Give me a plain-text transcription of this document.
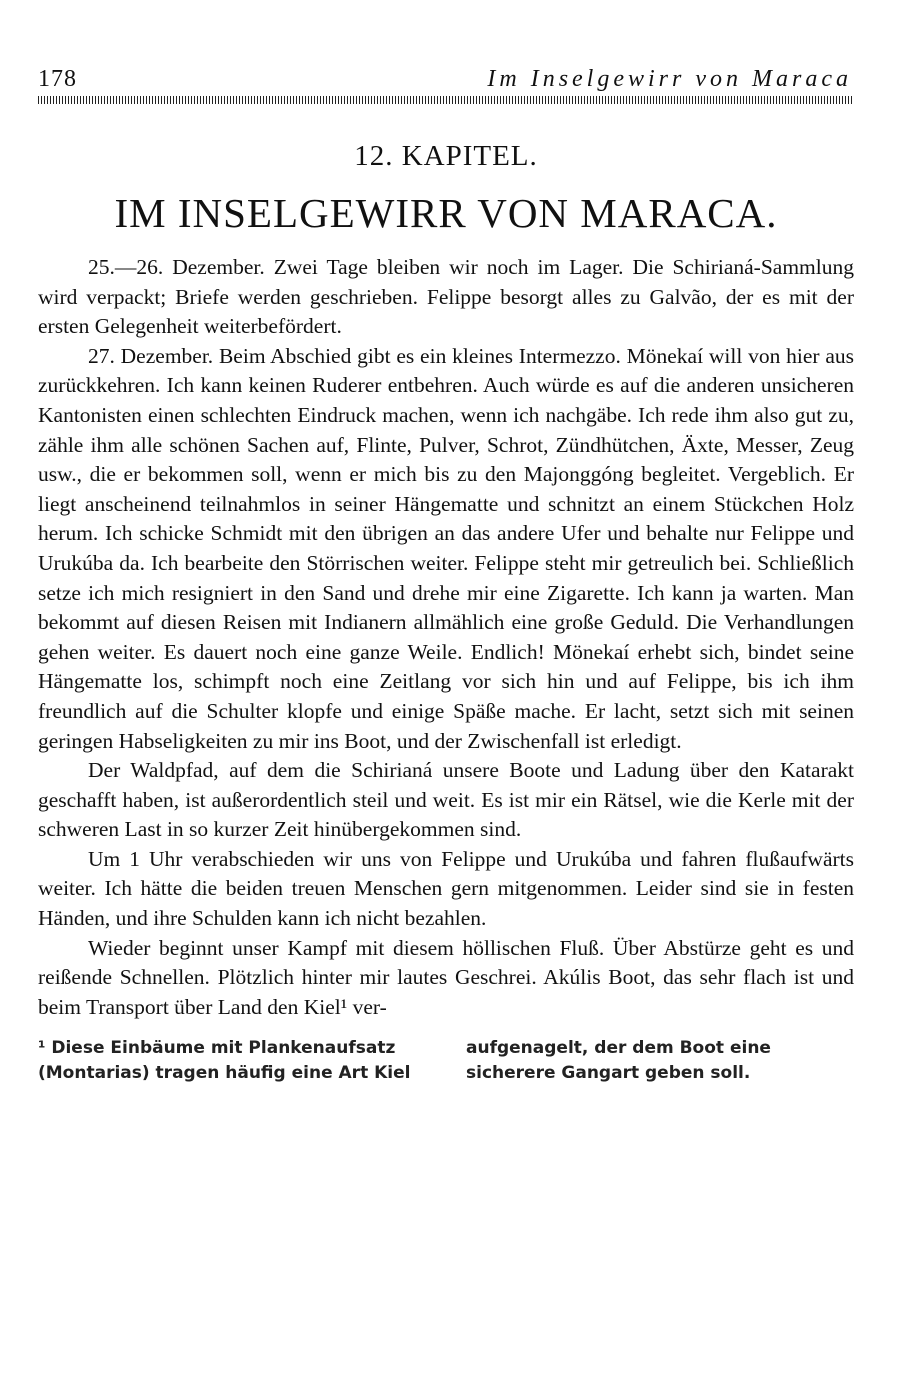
178	Im Inselgewirr von Maraca
12. KAPITEL.
IM INSELGEWIRR VON MARACA.

25.—26. Dezember. Zwei Tage bleiben wir noch im Lager. Die Schirianá-Sammlung wird verpackt; Briefe werden geschrieben. Felippe besorgt alles zu Galvão, der es mit der ersten Gelegenheit weiterbefördert.

27. Dezember. Beim Abschied gibt es ein kleines Intermezzo. Mönekaí will von hier aus zurückkehren. Ich kann keinen Ruderer entbehren. Auch würde es auf die anderen unsicheren Kantonisten einen schlechten Eindruck machen, wenn ich nachgäbe. Ich rede ihm also gut zu, zähle ihm alle schönen Sachen auf, Flinte, Pulver, Schrot, Zündhütchen, Äxte, Messer, Zeug usw., die er bekommen soll, wenn er mich bis zu den Majonggóng begleitet. Vergeblich. Er liegt anscheinend teilnahmlos in seiner Hängematte und schnitzt an einem Stückchen Holz herum. Ich schicke Schmidt mit den übrigen an das andere Ufer und behalte nur Felippe und Urukúba da. Ich bearbeite den Störrischen weiter. Felippe steht mir getreulich bei. Schließlich setze ich mich resigniert in den Sand und drehe mir eine Zigarette. Ich kann ja warten. Man bekommt auf diesen Reisen mit Indianern allmählich eine große Geduld. Die Verhandlungen gehen weiter. Es dauert noch eine ganze Weile. Endlich! Mönekaí erhebt sich, bindet seine Hängematte los, schimpft noch eine Zeitlang vor sich hin und auf Felippe, bis ich ihm freundlich auf die Schulter klopfe und einige Späße mache. Er lacht, setzt sich mit seinen geringen Habseligkeiten zu mir ins Boot, und der Zwischenfall ist erledigt.

Der Waldpfad, auf dem die Schirianá unsere Boote und Ladung über den Katarakt geschafft haben, ist außerordentlich steil und weit. Es ist mir ein Rätsel, wie die Kerle mit der schweren Last in so kurzer Zeit hinübergekommen sind.

Um 1 Uhr verabschieden wir uns von Felippe und Urukúba und fahren flußaufwärts weiter. Ich hätte die beiden treuen Menschen gern mitgenommen. Leider sind sie in festen Händen, und ihre Schulden kann ich nicht bezahlen.

Wieder beginnt unser Kampf mit diesem höllischen Fluß. Über Abstürze geht es und reißende Schnellen. Plötzlich hinter mir lautes Geschrei. Akúlis Boot, das sehr flach ist und beim Transport über Land den Kiel¹ ver-

¹ Diese Einbäume mit Plankenaufsatz (Montarias) tragen häufig eine Art Kiel

aufgenagelt, der dem Boot eine sicherere Gangart geben soll.
